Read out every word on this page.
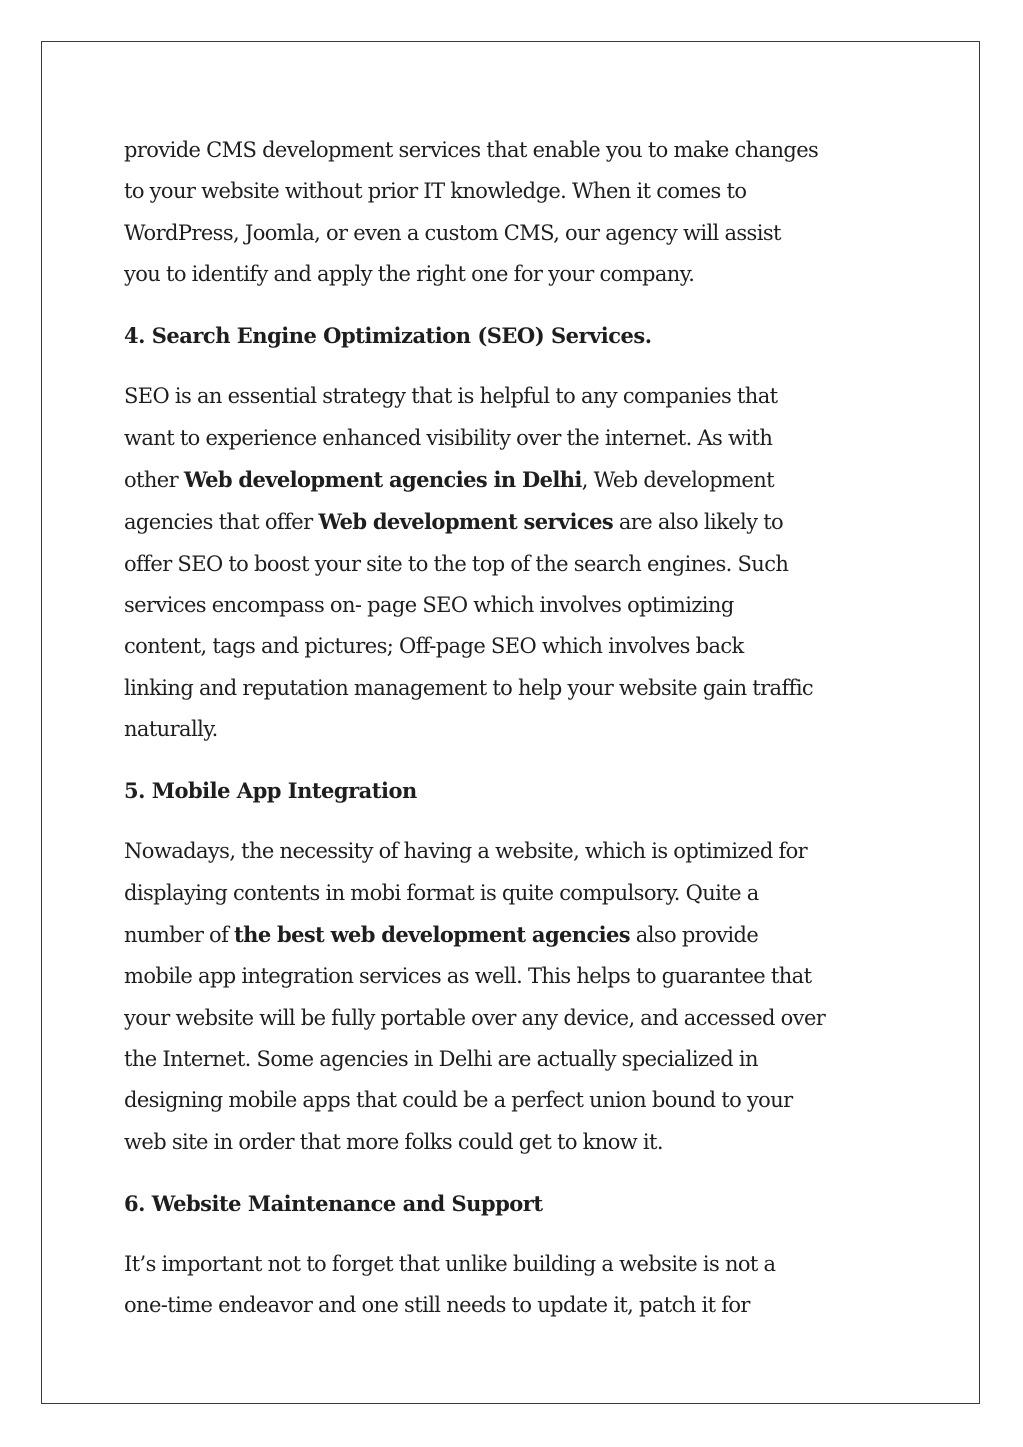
provide CMS development services that enable you to make changes
to your website without prior IT knowledge. When it comes to
WordPress, Joomla, or even a custom CMS, our agency will assist
you to identify and apply the right one for your company.

4. Search Engine Optimization (SEO) Services.

SEO is an essential strategy that is helpful to any companies that
want to experience enhanced visibility over the internet. As with
other Web development agencies in Delhi, Web development
agencies that offer Web development services are also likely to
offer SEO to boost your site to the top of the search engines. Such
services encompass on- page SEO which involves optimizing
content, tags and pictures; Off-page SEO which involves back
linking and reputation management to help your website gain traffic
naturally.

5. Mobile App Integration

Nowadays, the necessity of having a website, which is optimized for
displaying contents in mobi format is quite compulsory. Quite a
number of the best web development agencies also provide
mobile app integration services as well. This helps to guarantee that
your website will be fully portable over any device, and accessed over
the Internet. Some agencies in Delhi are actually specialized in
designing mobile apps that could be a perfect union bound to your
web site in order that more folks could get to know it.

6. Website Maintenance and Support

It’s important not to forget that unlike building a website is not a
one-time endeavor and one still needs to update it, patch it for
